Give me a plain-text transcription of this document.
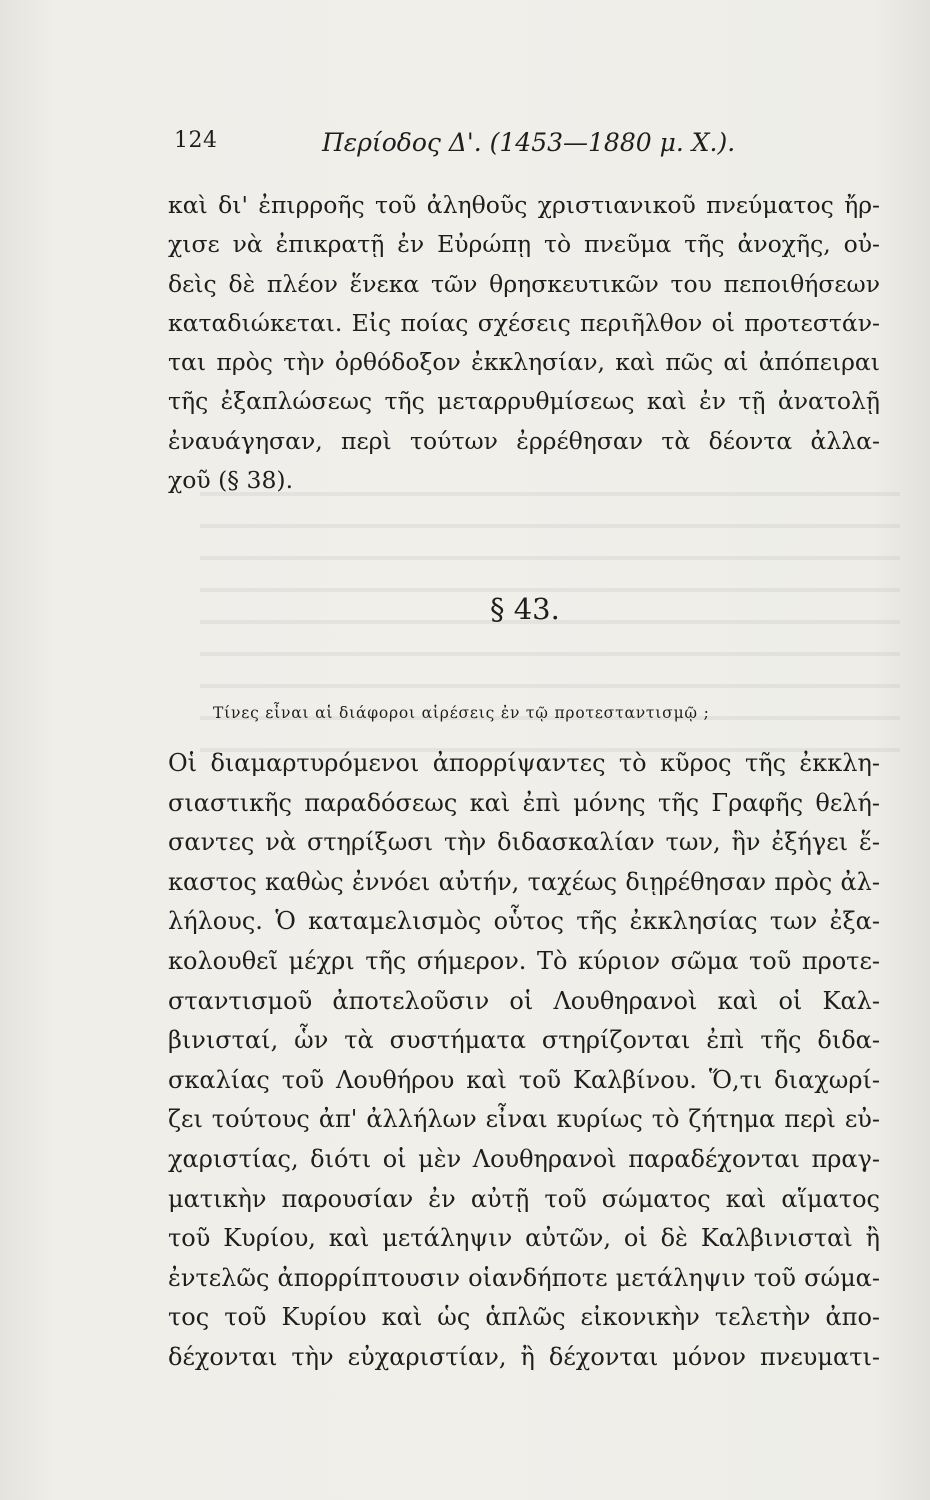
124	Περίοδος Δ'. (1453—1880 μ. Χ.).
καὶ δι' ἐπιρροῆς τοῦ ἀληθοῦς χριστιανικοῦ πνεύματος ἤρ-
χισε νὰ ἐπικρατῇ ἐν Εὐρώπῃ τὸ πνεῦμα τῆς ἀνοχῆς, οὐ-
δεὶς δὲ πλέον ἕνεκα τῶν θρησκευτικῶν του πεποιθήσεων
καταδιώκεται. Εἰς ποίας σχέσεις περιῆλθον οἱ προτεστάν-
ται πρὸς τὴν ὀρθόδοξον ἐκκλησίαν, καὶ πῶς αἱ ἀπόπειραι
τῆς ἐξαπλώσεως τῆς μεταρρυθμίσεως καὶ ἐν τῇ ἀνατολῇ
ἐναυάγησαν, περὶ τούτων ἐρρέθησαν τὰ δέοντα ἀλλα-
χοῦ (§ 38).
§ 43.
Τίνες εἶναι αἱ διάφοροι αἱρέσεις ἐν τῷ προτεσταντισμῷ ;
Οἱ διαμαρτυρόμενοι ἀπορρίψαντες τὸ κῦρος τῆς ἐκκλη-
σιαστικῆς παραδόσεως καὶ ἐπὶ μόνης τῆς Γραφῆς θελή-
σαντες νὰ στηρίξωσι τὴν διδασκαλίαν των, ἣν ἐξήγει ἕ-
καστος καθὼς ἐννόει αὐτήν, ταχέως διῃρέθησαν πρὸς ἀλ-
λήλους. Ὁ καταμελισμὸς οὗτος τῆς ἐκκλησίας των ἐξα-
κολουθεῖ μέχρι τῆς σήμερον. Τὸ κύριον σῶμα τοῦ προτε-
σταντισμοῦ ἀποτελοῦσιν οἱ Λουθηρανοὶ καὶ οἱ Καλ-
βινισταί, ὧν τὰ συστήματα στηρίζονται ἐπὶ τῆς διδα-
σκαλίας τοῦ Λουθήρου καὶ τοῦ Καλβίνου. Ὅ,τι διαχωρί-
ζει τούτους ἀπ' ἀλλήλων εἶναι κυρίως τὸ ζήτημα περὶ εὐ-
χαριστίας, διότι οἱ μὲν Λουθηρανοὶ παραδέχονται πραγ-
ματικὴν παρουσίαν ἐν αὐτῇ τοῦ σώματος καὶ αἵματος
τοῦ Κυρίου, καὶ μετάληψιν αὐτῶν, οἱ δὲ Καλβινισταὶ ἢ
ἐντελῶς ἀπορρίπτουσιν οἱανδήποτε μετάληψιν τοῦ σώμα-
τος τοῦ Κυρίου καὶ ὡς ἁπλῶς εἰκονικὴν τελετὴν ἀπο-
δέχονται τὴν εὐχαριστίαν, ἢ δέχονται μόνον πνευματι-
